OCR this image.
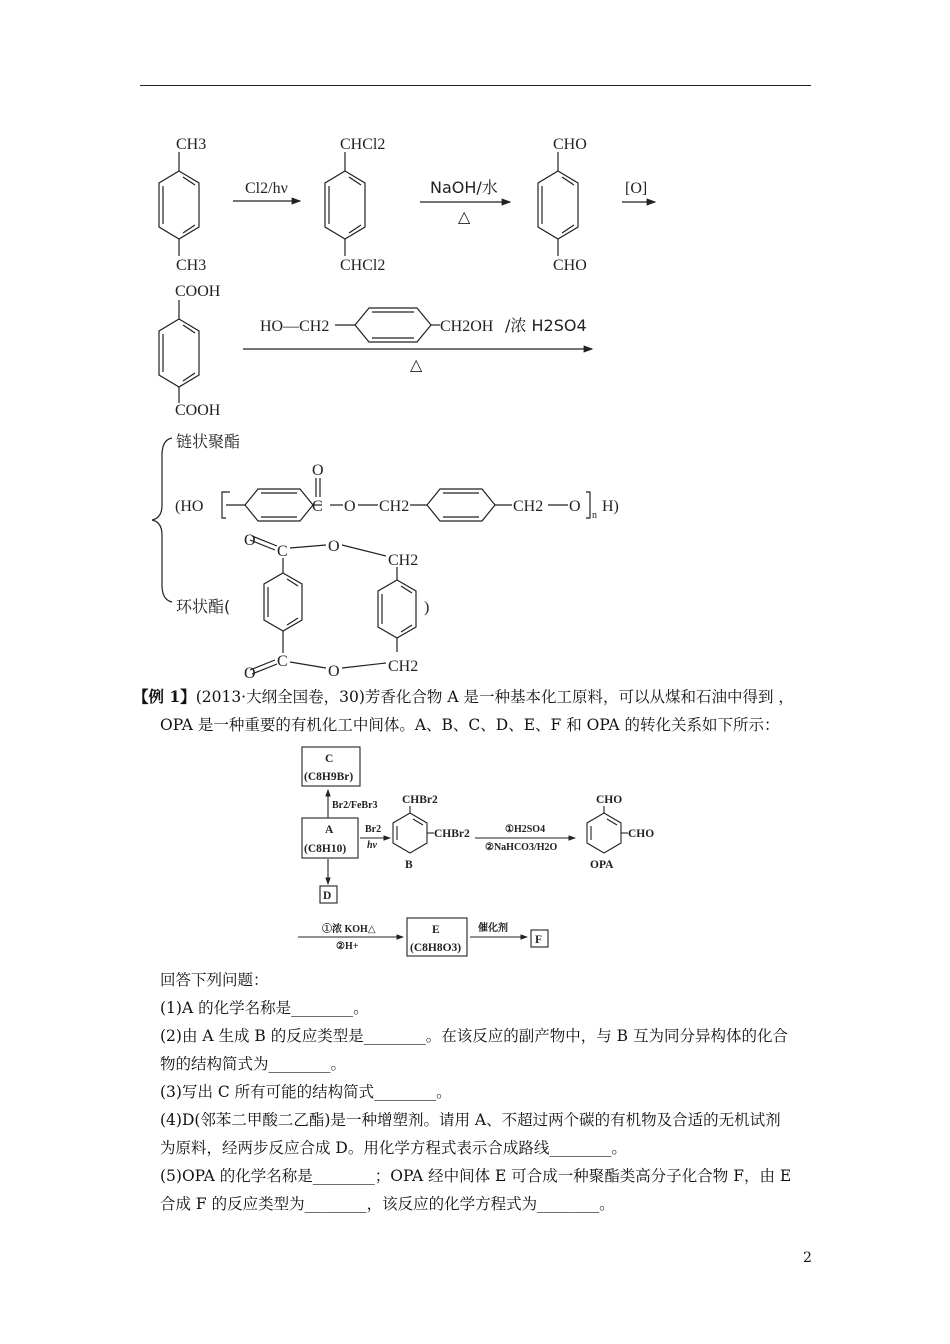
CH3
CH3
Cl2/hν
CHCl2
CHCl2
NaOH/水
△
CHO
CHO
[O]
COOH
COOH
HO—CH2	CH2OH /浓 H2SO4
△
链状聚酯
(HO
O
C O CH2	CH2 O
n
H)
环状酯(	)
O
C	O
CH2
O
C
O	CH2
【例 1】(2013·大纲全国卷，30)芳香化合物 A 是一种基本化工原料，可以从煤和石油中得到 ，
OPA 是一种重要的有机化工中间体。A、B、C、D、E、F 和 OPA 的转化关系如下所示：
C
(C8H9Br)
Br2/FeBr3
A
(C8H10)
Br2
hν
CHBr2
CHBr2
B
①H2SO4
②NaHCO3/H2O
CHO
CHO
OPA
D
①浓 KOH△
②H+
E
(C8H8O3)
催化剂
F
回答下列问题：
(1)A 的化学名称是________。
(2)由 A 生成 B 的反应类型是________。在该反应的副产物中，与 B 互为同分异构体的化合
物的结构简式为________。
(3)写出 C 所有可能的结构简式________。
(4)D(邻苯二甲酸二乙酯)是一种增塑剂。请用 A、不超过两个碳的有机物及合适的无机试剂
为原料，经两步反应合成 D。用化学方程式表示合成路线________。
(5)OPA 的化学名称是________；OPA 经中间体 E 可合成一种聚酯类高分子化合物 F，由 E
合成 F 的反应类型为________，该反应的化学方程式为________。
2
